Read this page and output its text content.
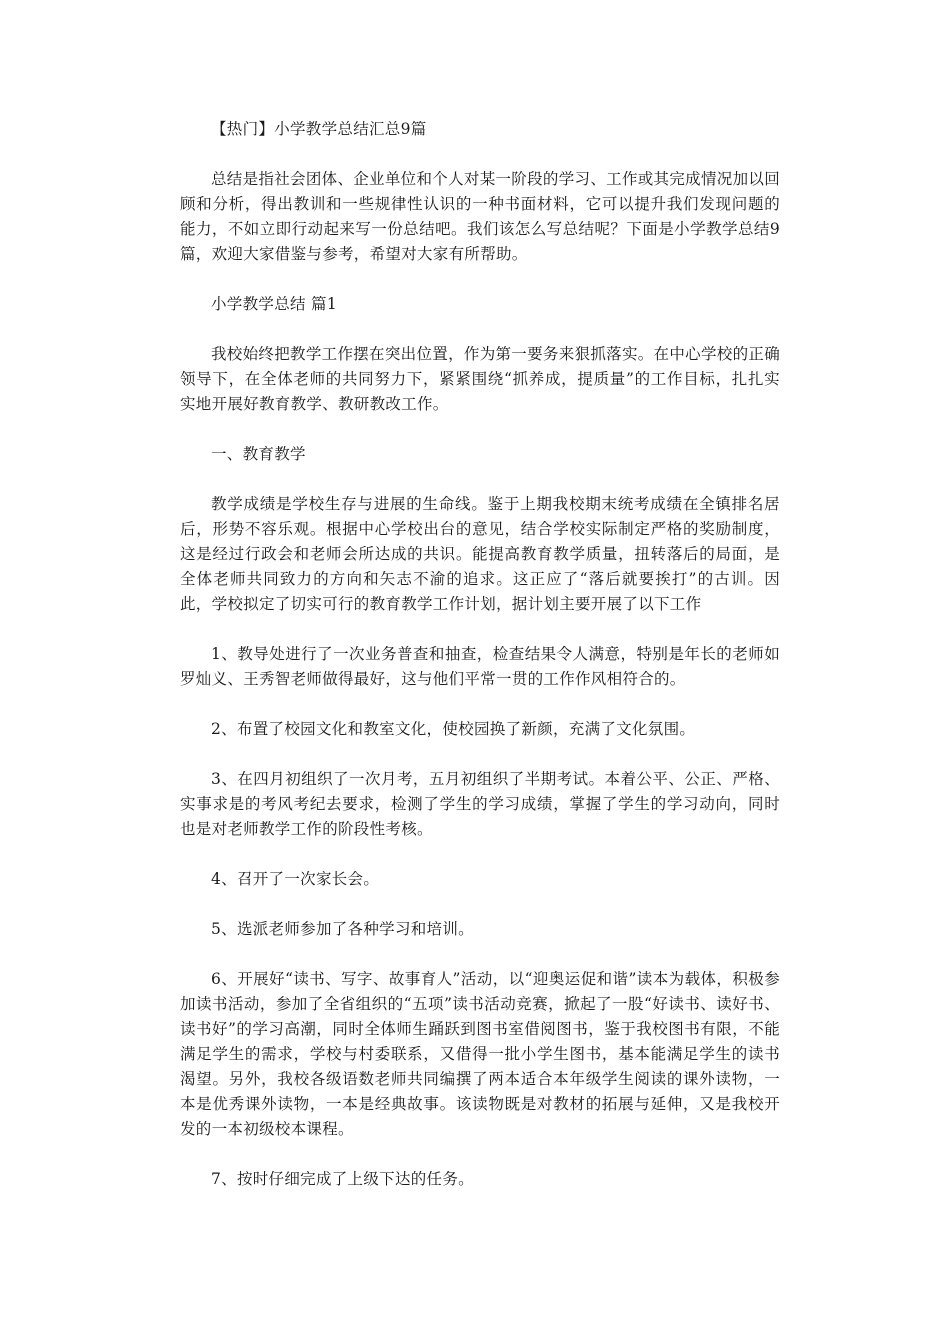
【热门】小学教学总结汇总9篇

总结是指社会团体、企业单位和个人对某一阶段的学习、工作或其完成情况加以回顾和分析，得出教训和一些规律性认识的一种书面材料，它可以提升我们发现问题的能力，不如立即行动起来写一份总结吧。我们该怎么写总结呢？下面是小学教学总结9篇，欢迎大家借鉴与参考，希望对大家有所帮助。

小学教学总结 篇1

我校始终把教学工作摆在突出位置，作为第一要务来狠抓落实。在中心学校的正确领导下，在全体老师的共同努力下，紧紧围绕“抓养成，提质量”的工作目标，扎扎实实地开展好教育教学、教研教改工作。

一、教育教学

教学成绩是学校生存与进展的生命线。鉴于上期我校期末统考成绩在全镇排名居后，形势不容乐观。根据中心学校出台的意见，结合学校实际制定严格的奖励制度，这是经过行政会和老师会所达成的共识。能提高教育教学质量，扭转落后的局面，是全体老师共同致力的方向和矢志不渝的追求。这正应了“落后就要挨打”的古训。因此，学校拟定了切实可行的教育教学工作计划，据计划主要开展了以下工作

1、教导处进行了一次业务普查和抽查，检查结果令人满意，特别是年长的老师如罗灿义、王秀智老师做得最好，这与他们平常一贯的工作作风相符合的。

2、布置了校园文化和教室文化，使校园换了新颜，充满了文化氛围。

3、在四月初组织了一次月考，五月初组织了半期考试。本着公平、公正、严格、实事求是的考风考纪去要求，检测了学生的学习成绩，掌握了学生的学习动向，同时也是对老师教学工作的阶段性考核。

4、召开了一次家长会。

5、选派老师参加了各种学习和培训。

6、开展好“读书、写字、故事育人”活动，以“迎奥运促和谐”读本为载体，积极参加读书活动，参加了全省组织的“五项”读书活动竞赛，掀起了一股“好读书、读好书、读书好”的学习高潮，同时全体师生踊跃到图书室借阅图书，鉴于我校图书有限，不能满足学生的需求，学校与村委联系，又借得一批小学生图书，基本能满足学生的读书渴望。另外，我校各级语数老师共同编撰了两本适合本年级学生阅读的课外读物，一本是优秀课外读物，一本是经典故事。该读物既是对教材的拓展与延伸，又是我校开发的一本初级校本课程。

7、按时仔细完成了上级下达的任务。
